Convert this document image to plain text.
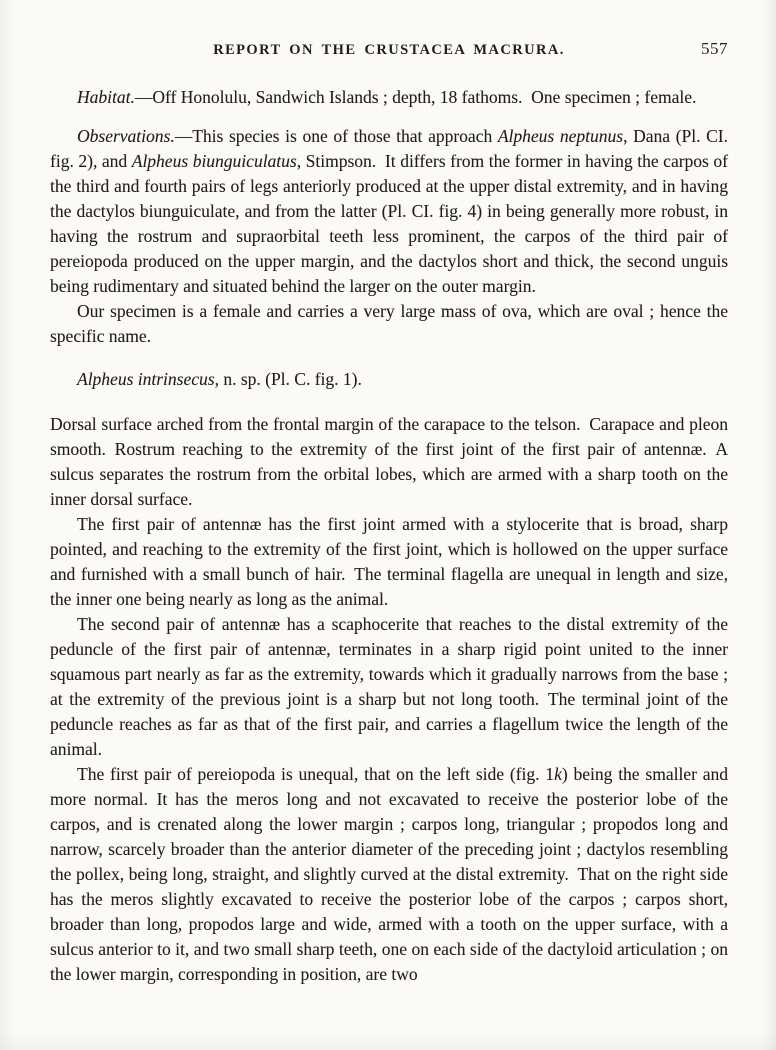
REPORT ON THE CRUSTACEA MACRURA.	557

Habitat.—Off Honolulu, Sandwich Islands ; depth, 18 fathoms. One specimen ; female.

Observations.—This species is one of those that approach Alpheus neptunus, Dana (Pl. CI. fig. 2), and Alpheus biunguiculatus, Stimpson. It differs from the former in having the carpos of the third and fourth pairs of legs anteriorly produced at the upper distal extremity, and in having the dactylos biunguiculate, and from the latter (Pl. CI. fig. 4) in being generally more robust, in having the rostrum and supraorbital teeth less prominent, the carpos of the third pair of pereiopoda produced on the upper margin, and the dactylos short and thick, the second unguis being rudimentary and situated behind the larger on the outer margin.

Our specimen is a female and carries a very large mass of ova, which are oval ; hence the specific name.

Alpheus intrinsecus, n. sp. (Pl. C. fig. 1).

Dorsal surface arched from the frontal margin of the carapace to the telson. Carapace and pleon smooth. Rostrum reaching to the extremity of the first joint of the first pair of antennæ. A sulcus separates the rostrum from the orbital lobes, which are armed with a sharp tooth on the inner dorsal surface.

The first pair of antennæ has the first joint armed with a stylocerite that is broad, sharp pointed, and reaching to the extremity of the first joint, which is hollowed on the upper surface and furnished with a small bunch of hair. The terminal flagella are unequal in length and size, the inner one being nearly as long as the animal.

The second pair of antennæ has a scaphocerite that reaches to the distal extremity of the peduncle of the first pair of antennæ, terminates in a sharp rigid point united to the inner squamous part nearly as far as the extremity, towards which it gradually narrows from the base ; at the extremity of the previous joint is a sharp but not long tooth. The terminal joint of the peduncle reaches as far as that of the first pair, and carries a flagellum twice the length of the animal.

The first pair of pereiopoda is unequal, that on the left side (fig. 1k) being the smaller and more normal. It has the meros long and not excavated to receive the posterior lobe of the carpos, and is crenated along the lower margin ; carpos long, triangular ; propodos long and narrow, scarcely broader than the anterior diameter of the preceding joint ; dactylos resembling the pollex, being long, straight, and slightly curved at the distal extremity. That on the right side has the meros slightly excavated to receive the posterior lobe of the carpos ; carpos short, broader than long, propodos large and wide, armed with a tooth on the upper surface, with a sulcus anterior to it, and two small sharp teeth, one on each side of the dactyloid articulation ; on the lower margin, corresponding in position, are two
